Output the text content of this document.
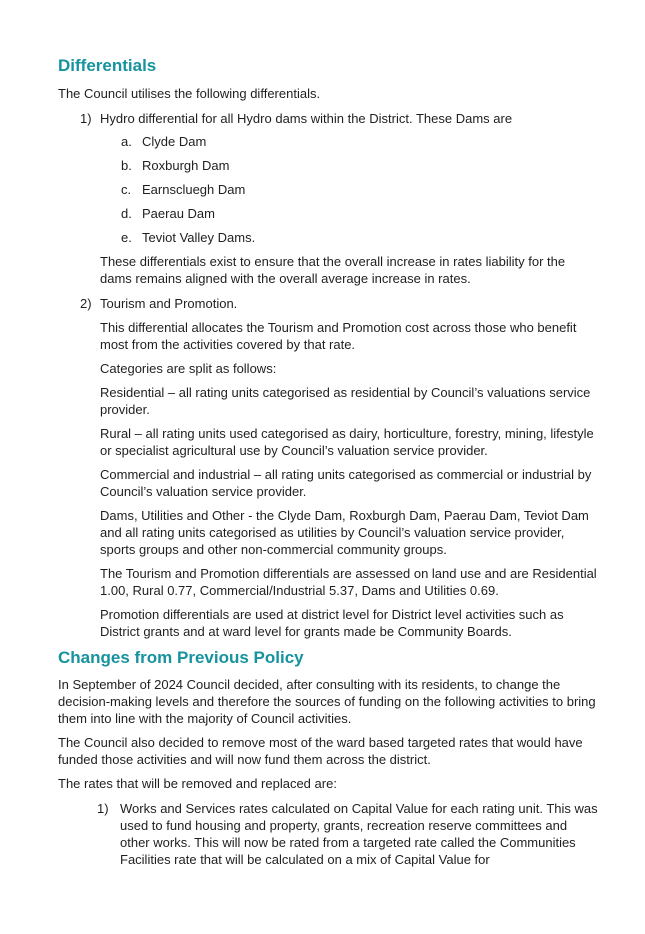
Differentials

The Council utilises the following differentials.

1) Hydro differential for all Hydro dams within the District. These Dams are
a. Clyde Dam
b. Roxburgh Dam
c. Earnscluegh Dam
d. Paerau Dam
e. Teviot Valley Dams.

These differentials exist to ensure that the overall increase in rates liability for the dams remains aligned with the overall average increase in rates.

2) Tourism and Promotion.

This differential allocates the Tourism and Promotion cost across those who benefit most from the activities covered by that rate.

Categories are split as follows:

Residential – all rating units categorised as residential by Council’s valuations service provider.

Rural – all rating units used categorised as dairy, horticulture, forestry, mining, lifestyle or specialist agricultural use by Council’s valuation service provider.

Commercial and industrial – all rating units categorised as commercial or industrial by Council’s valuation service provider.

Dams, Utilities and Other - the Clyde Dam, Roxburgh Dam, Paerau Dam, Teviot Dam and all rating units categorised as utilities by Council’s valuation service provider, sports groups and other non-commercial community groups.

The Tourism and Promotion differentials are assessed on land use and are Residential 1.00, Rural 0.77, Commercial/Industrial 5.37, Dams and Utilities 0.69.

Promotion differentials are used at district level for District level activities such as District grants and at ward level for grants made be Community Boards.

Changes from Previous Policy

In September of 2024 Council decided, after consulting with its residents, to change the decision-making levels and therefore the sources of funding on the following activities to bring them into line with the majority of Council activities.

The Council also decided to remove most of the ward based targeted rates that would have funded those activities and will now fund them across the district.

The rates that will be removed and replaced are:

1) Works and Services rates calculated on Capital Value for each rating unit. This was used to fund housing and property, grants, recreation reserve committees and other works. This will now be rated from a targeted rate called the Communities Facilities rate that will be calculated on a mix of Capital Value for
